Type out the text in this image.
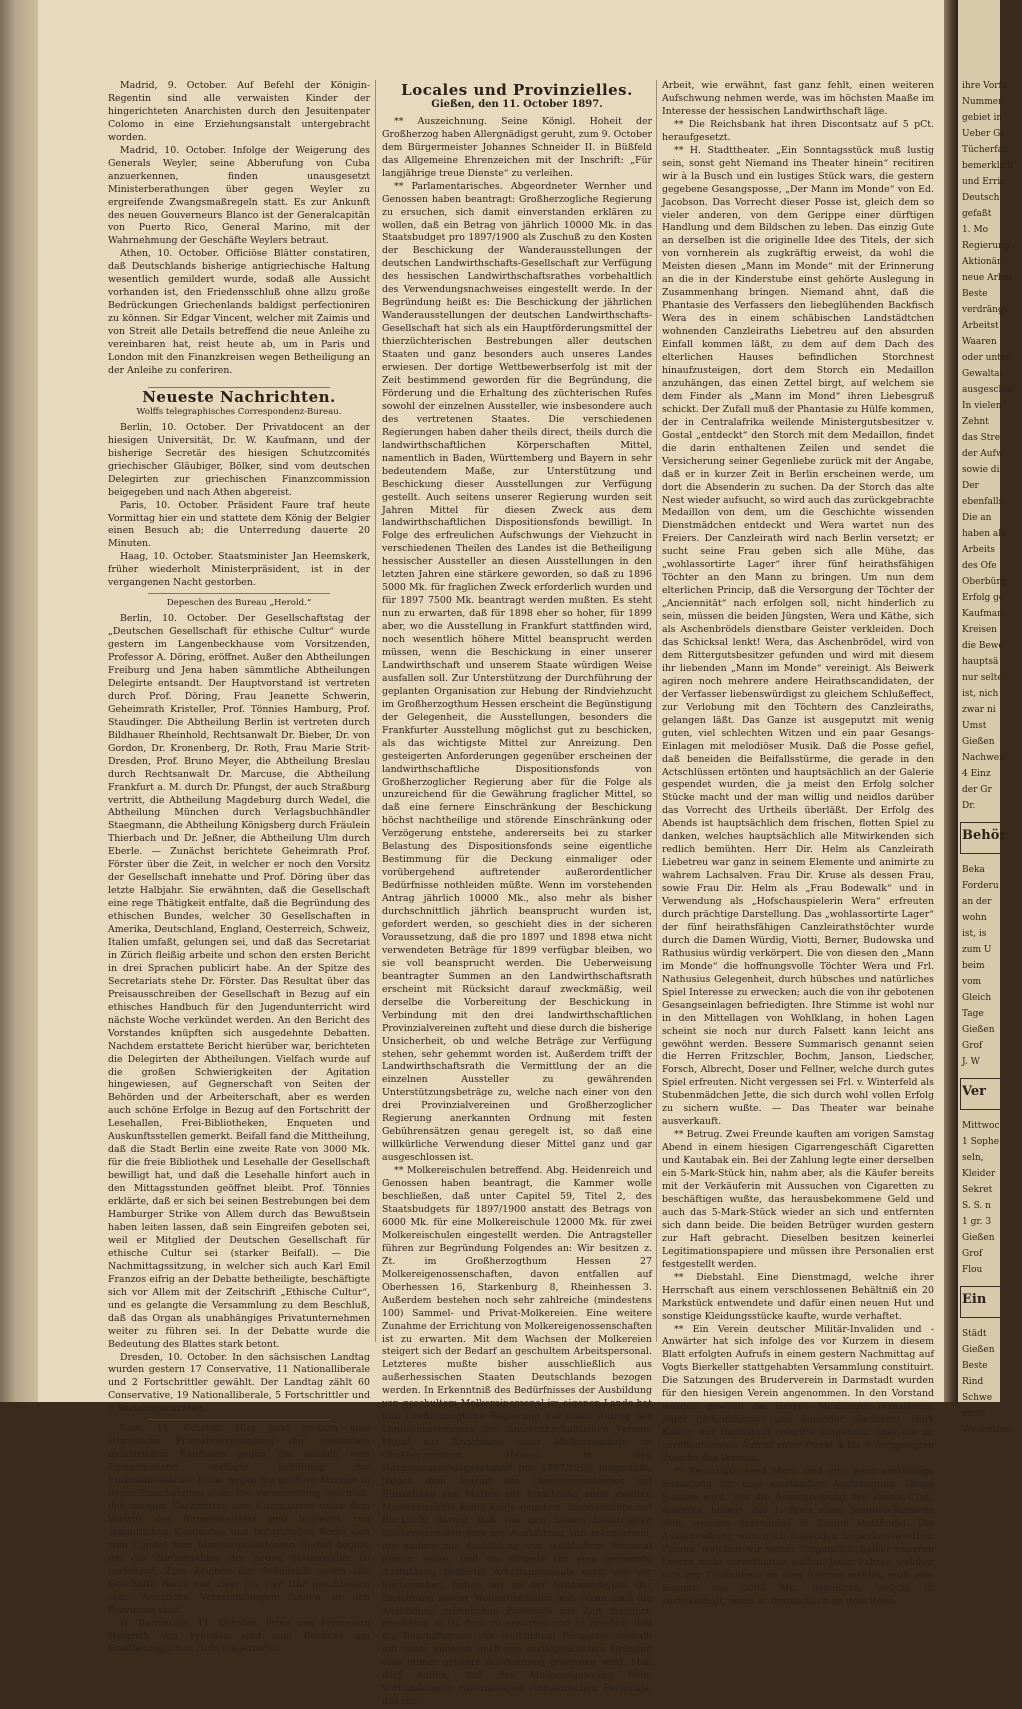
Madrid, 9. October. Auf Befehl der Königin-Regentin sind alle verwaisten Kinder der hingerichteten Anarchisten durch den Jesuitenpater Colomo in eine Erziehungsanstalt untergebracht worden.

Madrid, 10. October. Infolge der Weigerung des Generals Weyler, seine Abberufung von Cuba anzuerkennen, finden unausgesetzt Ministerberathungen über gegen Weyler zu ergreifende Zwangsmaßregeln statt. Es zur Ankunft des neuen Gouverneurs Blanco ist der Generalcapitän von Puerto Rico, General Marino, mit der Wahrnehmung der Geschäfte Weylers betraut.

Athen, 10. October. Officiöse Blätter constatiren, daß Deutschlands bisherige antigriechische Haltung wesentlich gemildert wurde, sodaß alle Aussicht vorhanden ist, den Friedensschluß ohne allzu große Bedrückungen Griechenlands baldigst perfectioniren zu können. Sir Edgar Vincent, welcher mit Zaimis und von Streit alle Details betreffend die neue Anleihe zu vereinbaren hat, reist heute ab, um in Paris und London mit den Finanzkreisen wegen Betheiligung an der Anleihe zu conferiren.

Neueste Nachrichten.
Wolffs telegraphisches Correspondenz-Bureau.

Berlin, 10. October. Der Privatdocent an der hiesigen Universität, Dr. W. Kaufmann, und der bisherige Secretär des hiesigen Schutzcomités griechischer Gläubiger, Bölker, sind vom deutschen Delegirten zur griechischen Finanzcommission beigegeben und nach Athen abgereist.

Paris, 10. October. Präsident Faure traf heute Vormittag hier ein und stattete dem König der Belgier einen Besuch ab; die Unterredung dauerte 20 Minuten.

Haag, 10. October. Staatsminister Jan Heemskerk, früher wiederholt Ministerpräsident, ist in der vergangenen Nacht gestorben.

Depeschen des Bureau „Herold.“

Berlin, 10. October. Der Gesellschaftstag der „Deutschen Gesellschaft für ethische Cultur“ wurde gestern im Langenbeckhause vom Vorsitzenden, Professor A. Döring, eröffnet. Außer den Abtheilungen Freiburg und Jena haben sämmtliche Abtheilungen Delegirte entsandt. Der Hauptvorstand ist vertreten durch Prof. Döring, Frau Jeanette Schwerin, Geheimrath Kristeller, Prof. Tönnies Hamburg, Prof. Staudinger. Die Abtheilung Berlin ist vertreten durch Bildhauer Rheinhold, Rechtsanwalt Dr. Bieber, Dr. von Gordon, Dr. Kronenberg, Dr. Roth, Frau Marie Strit-Dresden, Prof. Bruno Meyer, die Abtheilung Breslau durch Rechtsanwalt Dr. Marcuse, die Abtheilung Frankfurt a. M. durch Dr. Pfungst, der auch Straßburg vertritt, die Abtheilung Magdeburg durch Wedel, die Abtheilung München durch Verlagsbuchhändler Staegmann, die Abtheilung Königsberg durch Fräulein Thierbach und Dr. Jeßner, die Abtheilung Ulm durch Eberle. — Zunächst berichtete Geheimrath Prof. Förster über die Zeit, in welcher er noch den Vorsitz der Gesellschaft innehatte und Prof. Döring über das letzte Halbjahr. Sie erwähnten, daß die Gesellschaft eine rege Thätigkeit entfalte, daß die Begründung des ethischen Bundes, welcher 30 Gesellschaften in Amerika, Deutschland, England, Oesterreich, Schweiz, Italien umfaßt, gelungen sei, und daß das Secretariat in Zürich fleißig arbeite und schon den ersten Bericht in drei Sprachen publicirt habe. An der Spitze des Secretariats stehe Dr. Förster. Das Resultat über das Preisausschreiben der Gesellschaft in Bezug auf ein ethisches Handbuch für den Jugendunterricht wird nächste Woche verkündet werden. An den Bericht des Vorstandes knüpften sich ausgedehnte Debatten. Nachdem erstattete Bericht hierüber war, berichteten die Delegirten der Abtheilungen. Vielfach wurde auf die großen Schwierigkeiten der Agitation hingewiesen, auf Gegnerschaft von Seiten der Behörden und der Arbeiterschaft, aber es werden auch schöne Erfolge in Bezug auf den Fortschritt der Lesehallen, Frei-Bibliotheken, Enqueten und Auskunftsstellen gemerkt. Beifall fand die Mittheilung, daß die Stadt Berlin eine zweite Rate von 3000 Mk. für die freie Bibliothek und Lesehalle der Gesellschaft bewilligt hat, und daß die Lesehalle hinfort auch in den Mittagsstunden geöffnet bleibt. Prof. Tönnies erklärte, daß er sich bei seinen Bestrebungen bei dem Hamburger Strike von Allem durch das Bewußtsein haben leiten lassen, daß sein Eingreifen geboten sei, weil er Mitglied der Deutschen Gesellschaft für ethische Cultur sei (starker Beifall). — Die Nachmittagssitzung, in welcher sich auch Karl Emil Franzos eifrig an der Debatte betheiligte, beschäftigte sich vor Allem mit der Zeitschrift „Ethische Cultur“, und es gelangte die Versammlung zu dem Beschluß, daß das Organ als unabhängiges Privatunternehmen weiter zu führen sei. In der Debatte wurde die Bedeutung des Blattes stark betont.

Dresden, 10. October. In den sächsischen Landtag wurden gestern 17 Conservative, 11 Nationalliberale und 2 Fortschrittler gewählt. Der Landtag zählt 60 Conservative, 19 Nationalliberale, 5 Fortschrittler und 8 Sozialdemokraten.

Rom, 11. October. Hier fand gestern eine stürmische Protestversammlung der römischen industriellen Kaufleute gegen die neulich vom Finanzminister verfügte Erhöhung der Einkommensteuer bezw. gegen die größere Strenge in deren Einschätzung statt. Die Versammlung beschloß, daß morgen Nachmittag eine Commission unter dem Vortritt des Bürgermeisters und begleitet von sämmtlichen Kaufleuten und Industriellen Roms sich vom Capitol zum Ministerpräsidenten Rudini begibt, um die Zurücknahme der neuen Steuerrollen zu verlangen. Zum Zeichen der Solidarität sollen alle Geschäfte Roms von zwei bis vier Uhr geschlossen sein. Aehnliche Versammlungen fanden in den Provinzen statt.

H. Darmstadt, 11. October. Prinz und Prinzessin Heinrich von Preußen sind zum Besuche am Großherzoglichen Hofe eingetroffen.

Locales und Provinzielles.
Gießen, den 11. October 1897.

** Auszeichnung. Seine Königl. Hoheit der Großherzog haben Allergnädigst geruht, zum 9. October dem Bürgermeister Johannes Schneider II. in Büßfeld das Allgemeine Ehrenzeichen mit der Inschrift: „Für langjährige treue Dienste“ zu verleihen.

** Parlamentarisches. Abgeordneter Wernher und Genossen haben beantragt: Großherzogliche Regierung zu ersuchen, sich damit einverstanden erklären zu wollen, daß ein Betrag von jährlich 10000 Mk. in das Staatsbudget pro 1897/1900 als Zuschuß zu den Kosten der Beschickung der Wanderausstellungen der deutschen Landwirthschafts-Gesellschaft zur Verfügung des hessischen Landwirthschaftsrathes vorbehaltlich des Verwendungsnachweises eingestellt werde. In der Begründung heißt es: Die Beschickung der jährlichen Wanderausstellungen der deutschen Landwirthschafts-Gesellschaft hat sich als ein Hauptförderungsmittel der thierzüchterischen Bestrebungen aller deutschen Staaten und ganz besonders auch unseres Landes erwiesen. Der dortige Wettbewerbserfolg ist mit der Zeit bestimmend geworden für die Begründung, die Förderung und die Erhaltung des züchterischen Rufes sowohl der einzelnen Aussteller, wie insbesondere auch des vertretenen Staates. Die verschiedenen Regierungen haben daher theils direct, theils durch die landwirthschaftlichen Körperschaften Mittel, namentlich in Baden, Württemberg und Bayern in sehr bedeutendem Maße, zur Unterstützung und Beschickung dieser Ausstellungen zur Verfügung gestellt. Auch seitens unserer Regierung wurden seit Jahren Mittel für diesen Zweck aus dem landwirthschaftlichen Dispositionsfonds bewilligt. In Folge des erfreulichen Aufschwungs der Viehzucht in verschiedenen Theilen des Landes ist die Betheiligung hessischer Aussteller an diesen Ausstellungen in den letzten Jahren eine stärkere geworden, so daß zu 1896 5000 Mk. für fraglichen Zweck erforderlich wurden und für 1897 7500 Mk. beantragt werden mußten. Es steht nun zu erwarten, daß für 1898 eher so hoher, für 1899 aber, wo die Ausstellung in Frankfurt stattfinden wird, noch wesentlich höhere Mittel beansprucht werden müssen, wenn die Beschickung in einer unserer Landwirthschaft und unserem Staate würdigen Weise ausfallen soll. Zur Unterstützung der Durchführung der geplanten Organisation zur Hebung der Rindviehzucht im Großherzogthum Hessen erscheint die Begünstigung der Gelegenheit, die Ausstellungen, besonders die Frankfurter Ausstellung möglichst gut zu beschicken, als das wichtigste Mittel zur Anreizung. Den gesteigerten Anforderungen gegenüber erscheinen der landwirthschaftliche Dispositionsfonds von Großherzoglicher Regierung aber für die Folge als unzureichend für die Gewährung fraglicher Mittel, so daß eine fernere Einschränkung der Beschickung höchst nachtheilige und störende Einschränkung oder Verzögerung entstehe, andererseits bei zu starker Belastung des Dispositionsfonds seine eigentliche Bestimmung für die Deckung einmaliger oder vorübergehend auftretender außerordentlicher Bedürfnisse nothleiden müßte. Wenn im vorstehenden Antrag jährlich 10000 Mk., also mehr als bisher durchschnittlich jährlich beansprucht wurden ist, gefordert werden, so geschieht dies in der sicheren Voraussetzung, daß die pro 1897 und 1898 etwa nicht verwendeten Beträge für 1899 verfügbar bleiben, wo sie voll beansprucht werden. Die Ueberweisung beantragter Summen an den Landwirthschaftsrath erscheint mit Rücksicht darauf zweckmäßig, weil derselbe die Vorbereitung der Beschickung in Verbindung mit den drei landwirthschaftlichen Provinzialvereinen zufteht und diese durch die bisherige Unsicherheit, ob und welche Beträge zur Verfügung stehen, sehr gehemmt worden ist. Außerdem trifft der Landwirthschaftsrath die Vermittlung der an die einzelnen Aussteller zu gewährenden Unterstützungsbeträge zu, welche nach einer von den drei Provinzialvereinen und Großherzoglicher Regierung anerkannten Ordnung mit festen Gebührensätzen genau geregelt ist, so daß eine willkürliche Verwendung dieser Mittel ganz und gar ausgeschlossen ist.

** Molkereischulen betreffend. Abg. Heidenreich und Genossen haben beantragt, die Kammer wolle beschließen, daß unter Capitel 59, Titel 2, des Staatsbudgets für 1897/1900 anstatt des Betrags von 6000 Mk. für eine Molkereischule 12000 Mk. für zwei Molkereischulen eingestellt werden. Die Antragsteller führen zur Begründung Folgendes an: Wir besitzen z. Zt. im Großherzogthum Hessen 27 Molkereigenossenschaften, davon entfallen auf Oberhessen 16, Starkenburg 8, Rheinhessen 3. Außerdem bestehen noch sehr zahlreiche (mindestens 100) Sammel- und Privat-Molkereien. Eine weitere Zunahme der Errichtung von Molkereigenossenschaften ist zu erwarten. Mit dem Wachsen der Molkereien steigert sich der Bedarf an geschultem Arbeitspersonal. Letzteres mußte bisher ausschließlich aus außerhessischen Staaten Deutschlands bezogen werden. In Erkenntniß des Bedürfnisses der Ausbildung von geschultem Molkereipersonal im eigenen Lande hat nun Großherzogliche Regierung auf einen Antrag des Landesausschusses der landwirthschaftlichen Vereine Mittel zur Errichtung einer Molkereischule im Großherzogthum Hessen in den Hauptvoranschlagsentwurf pro 1897/1900 eingestellt, jedoch dem Antrag des Landesausschusses auf Einstellung von Mitteln zur Errichtung einer zweiten Molkereischule keine Folge gegeben. Insbesondere mit Rücksicht darauf, daß von den beiden beantragten Molkereischulen eine zur Ausbildung von männlichem, die andere zur Ausbildung von weiblichem Personal dienen sollte, und die Gründe für eine getrennte Ausbildung beiderlei Arbeitspersonals noch wie vor fortbestehen, halten wir an der Nothwendigkeit der Errichtung zweier Molkereischulen fest. Wenn auch die Ausbildung männlichen Personals zur Zeit dringlich erscheint, so ist doch zu erwarten und zu ersehen, daß die Beschäftigung von weiblichem Personale deshalb mit unter anderen auch aus socialpolitischen Gründen eine immer größere Ausdehnung gewinnen wird. Man darf hoffen, daß das Molkereigewerbe beim Vorhandensein zuverlässigen einheimischen Personals, das zur

Arbeit, wie erwähnt, fast ganz fehlt, einen weiteren Aufschwung nehmen werde, was im höchsten Maaße im Interesse der hessischen Landwirthschaft läge.

** Die Reichsbank hat ihren Discontsatz auf 5 pCt. heraufgesetzt.

** H. Stadttheater. „Ein Sonntagsstück muß lustig sein, sonst geht Niemand ins Theater hinein“ recitiren wir à la Busch und ein lustiges Stück wars, die gestern gegebene Gesangsposse, „Der Mann im Monde“ von Ed. Jacobson. Das Vorrecht dieser Posse ist, gleich dem so vieler anderen, von dem Gerippe einer dürftigen Handlung und dem Bildschen zu leben. Das einzig Gute an derselben ist die originelle Idee des Titels, der sich von vornherein als zugkräftig erweist, da wohl die Meisten diesen „Mann im Monde“ mit der Erinnerung an die in der Kinderstube einst gehörte Auslegung in Zusammenhang bringen. Niemand ahnt, daß die Phantasie des Verfassers den liebeglühenden Backfisch Wera des in einem schäbischen Landstädtchen wohnenden Canzleiraths Liebetreu auf den absurden Einfall kommen läßt, zu dem auf dem Dach des elterlichen Hauses befindlichen Storchnest hinaufzusteigen, dort dem Storch ein Medaillon anzuhängen, das einen Zettel birgt, auf welchem sie dem Finder als „Mann im Mond“ ihren Liebesgruß schickt. Der Zufall muß der Phantasie zu Hülfe kommen, der in Centralafrika weilende Ministergutsbesitzer v. Gostal „entdeckt“ den Storch mit dem Medaillon, findet die darin enthaltenen Zeilen und sendet die Versicherung seiner Gegenliebe zurück mit der Angabe, daß er in kurzer Zeit in Berlin erscheinen werde, um dort die Absenderin zu suchen. Da der Storch das alte Nest wieder aufsucht, so wird auch das zurückgebrachte Medaillon von dem, um die Geschichte wissenden Dienstmädchen entdeckt und Wera wartet nun des Freiers. Der Canzleirath wird nach Berlin versetzt; er sucht seine Frau geben sich alle Mühe, das „wohlassortirte Lager“ ihrer fünf heirathsfähigen Töchter an den Mann zu bringen. Um nun dem elterlichen Princip, daß die Versorgung der Töchter der „Anciennität“ nach erfolgen soll, nicht hinderlich zu sein, müssen die beiden Jüngsten, Wera und Käthe, sich als Aschenbrödels dienstbare Geister verkleiden. Doch das Schicksal lenkt! Wera, das Aschenbrödel, wird von dem Rittergutsbesitzer gefunden und wird mit diesem ihr liebenden „Mann im Monde“ vereinigt. Als Beiwerk agiren noch mehrere andere Heirathscandidaten, der der Verfasser liebenswürdigst zu gleichem Schlußeffect, zur Verlobung mit den Töchtern des Canzleiraths, gelangen läßt. Das Ganze ist ausgeputzt mit wenig guten, viel schlechten Witzen und ein paar Gesangs-Einlagen mit melodiöser Musik. Daß die Posse gefiel, daß beneiden die Beifallsstürme, die gerade in den Actschlüssen ertönten und hauptsächlich an der Galerie gespendet wurden, die ja meist den Erfolg solcher Stücke macht und der man willig und neidlos darüber das Vorrecht des Urtheils überläßt. Der Erfolg des Abends ist hauptsächlich dem frischen, flotten Spiel zu danken, welches hauptsächlich alle Mitwirkenden sich redlich bemühten. Herr Dir. Helm als Canzleirath Liebetreu war ganz in seinem Elemente und animirte zu wahrem Lachsalven. Frau Dir. Kruse als dessen Frau, sowie Frau Dir. Helm als „Frau Bodewalk“ und in Verwendung als „Hofschauspielerin Wera“ erfreuten durch prächtige Darstellung. Das „wohlassortirte Lager“ der fünf heirathsfähigen Canzleirathstöchter wurde durch die Damen Würdig, Viotti, Berner, Budowska und Rathusius würdig verkörpert. Die von diesen den „Mann im Monde“ die hoffnungsvolle Töchter Wera und Frl. Nathusius Gelegenheit, durch hübsches und natürliches Spiel Interesse zu erwecken; auch die von ihr gebotenen Gesangseinlagen befriedigten. Ihre Stimme ist wohl nur in den Mittellagen von Wohlklang, in hohen Lagen scheint sie noch nur durch Falsett kann leicht ans gewöhnt werden. Bessere Summarisch genannt seien die Herren Fritzschler, Bochm, Janson, Liedscher, Forsch, Albrecht, Doser und Fellner, welche durch gutes Spiel erfreuten. Nicht vergessen sei Frl. v. Winterfeld als Stubenmädchen Jette, die sich durch wohl vollen Erfolg zu sichern wußte. — Das Theater war beinahe ausverkauft.

** Betrug. Zwei Freunde kauften am vorigen Samstag Abend in einem hiesigen Cigarrengeschäft Cigaretten und Kautabak ein. Bei der Zahlung legte einer derselben ein 5-Mark-Stück hin, nahm aber, als die Käufer bereits mit der Verkäuferin mit Aussuchen von Cigaretten zu beschäftigen wußte, das herausbekommene Geld und auch das 5-Mark-Stück wieder an sich und entfernten sich dann beide. Die beiden Betrüger wurden gestern zur Haft gebracht. Dieselben besitzen keinerlei Legitimationspapiere und müssen ihre Personalien erst festgestellt werden.

** Diebstahl. Eine Dienstmagd, welche ihrer Herrschaft aus einem verschlossenen Behältniß ein 20 Markstück entwendete und dafür einen neuen Hut und sonstige Kleidungsstücke kaufte, wurde verhaftet.

** Ein Verein deutscher Militär-Invaliden und -Anwärter hat sich infolge des vor Kurzem in diesem Blatt erfolgten Aufrufs in einem gestern Nachmittag auf Vogts Bierkeller stattgehabten Versammlung constituirt. Die Satzungen des Bruderverein in Darmstadt wurden für den hiesigen Verein angenommen. In den Vorstand wurden gewählt die Herren Meißlinger (Präsident), Jäger (Schriftführer) und Semmler (Rechner). Herr Köhler aus Darmstadt referirte eingehend über die im veröffentlichten Aufruf unter Punkt 4 bis 6 festgelegten Zwecke des Vereins.

** Zwanzigtausend Mark sind eine ganz anständige Bezahlung für eine einständige Anstrengung. Obige Summe wird, wie die Ausschreibung des Boston-Club, Amerika, besagt, der 1. Preis eines Stunden-Rennens sein, welches demnächst in Boston stattfindet. Die Ausschreibung wird noch folgenden bemerkenswerthen Passus, welchen wir seiner Originalität halber unseren Lesern nicht vorenthalten wollen: Jeder Fahrer, welcher sich zur Theilnahme an dem Rennen meldet, muß eine Summe von 2000 Mk. deponiren, welche er zurückerhält, wenn er thatsächlich an dem Renn-

ihre Vorfa
Nummer
gebiet in
Ueber Gi
Tücherfab
bemerklich
und Erric
Deutsch
gefaßt
1. Mo
Regierung
Aktionär
neue Arbei
Beste
verdrängt
Arbeitst
Waaren
oder unter
Gewaltat
ausgeschlo
In vielen
Zehnt
das Stre
der Aufw
sowie di
Der
ebenfalls
Die an
haben als
Arbeits
des Ofe
Oberbürg
Erfolg ge
Kaufman
Kreisen
die Bewe
hauptsä
nur selte
ist, nich
zwar ni
Umst
Gießen
Nachweis
4 Einz
der Gr
Dr.
Behör
Beka
Forderu
an der
wohn
ist, is
zum U
beim
vom
Gleich
Tage
Gießen
Grof
J. W
Ver
Mittwoc
1 Sophe
seln,
Kleider
Sekret
S. S. n
1 gr. 3
Gießen
Grof
Flou
Ein
Städt
Gießen
Beste
Rind
Schwe
nicht
Weidenren
